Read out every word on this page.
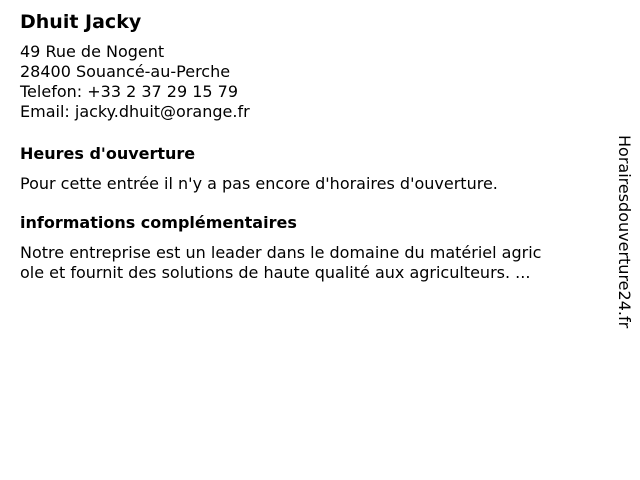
Dhuit Jacky
49 Rue de Nogent
28400 Souancé-au-Perche
Telefon: +33 2 37 29 15 79
Email: jacky.dhuit@orange.fr
Heures d'ouverture
Pour cette entrée il n'y a pas encore d'horaires d'ouverture.
informations complémentaires
Notre entreprise est un leader dans le domaine du matériel agric
ole et fournit des solutions de haute qualité aux agriculteurs. ...	Horairesdouverture24.fr
